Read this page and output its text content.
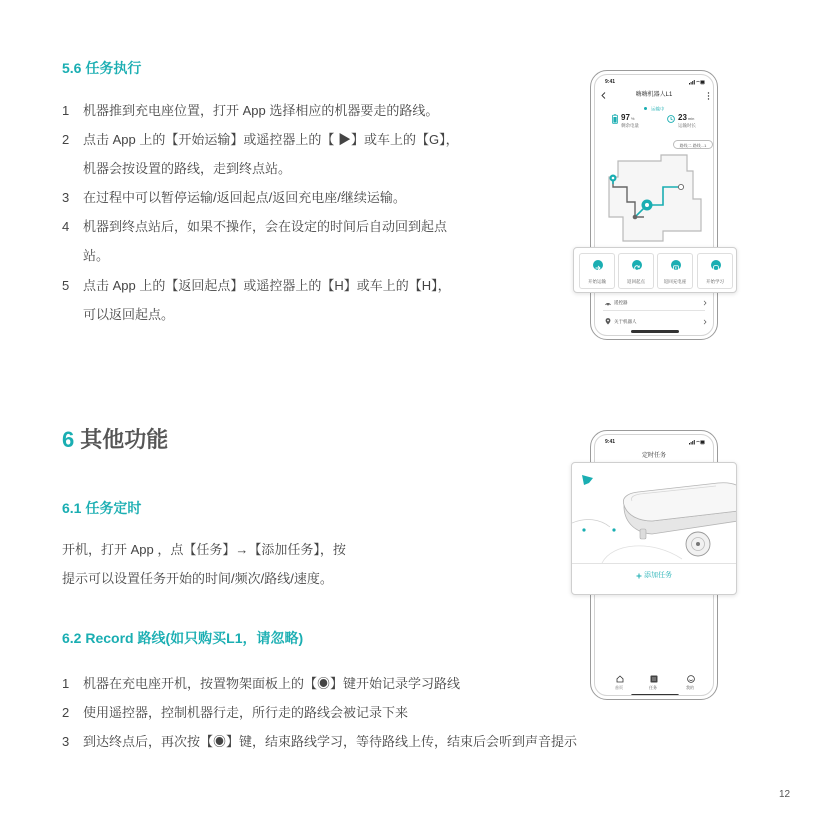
5.6 任务执行
1 机器推到充电座位置，打开 App 选择相应的机器要走的路线。
2 点击 App 上的【开始运输】或遥控器上的【 ▶】或车上的【G】，
机器会按设置的路线，走到终点站。
3 在过程中可以暂停运输/返回起点/返回充电座/继续运输。
4 机器到终点站后，如果不操作，会在设定的时间后自动回到起点
站。
5 点击 App 上的【返回起点】或遥控器上的【H】或车上的【H】，
可以返回起点。
9:41
嗨嗨机器人L1
运输中
97%
剩余电量
23min
运输时长
路线二 路线...1
遥控器
关于机器人
开始运输	返回起点	返回充电座	开始学习
6 其他功能
6.1 任务定时
开机，打开 App ，点【任务】→【添加任务】，按
提示可以设置任务开始的时间/频次/路线/速度。
6.2 Record 路线(如只购买L1，请忽略)
1 机器在充电座开机，按置物架面板上的【◉】键开始记录学习路线
2 使用遥控器，控制机器行走，所行走的路线会被记录下来
3 到达终点后，再次按【◉】键，结束路线学习，等待路线上传，结束后会听到声音提示
9:41
定时任务
首页	任务	我的
添加任务
12
